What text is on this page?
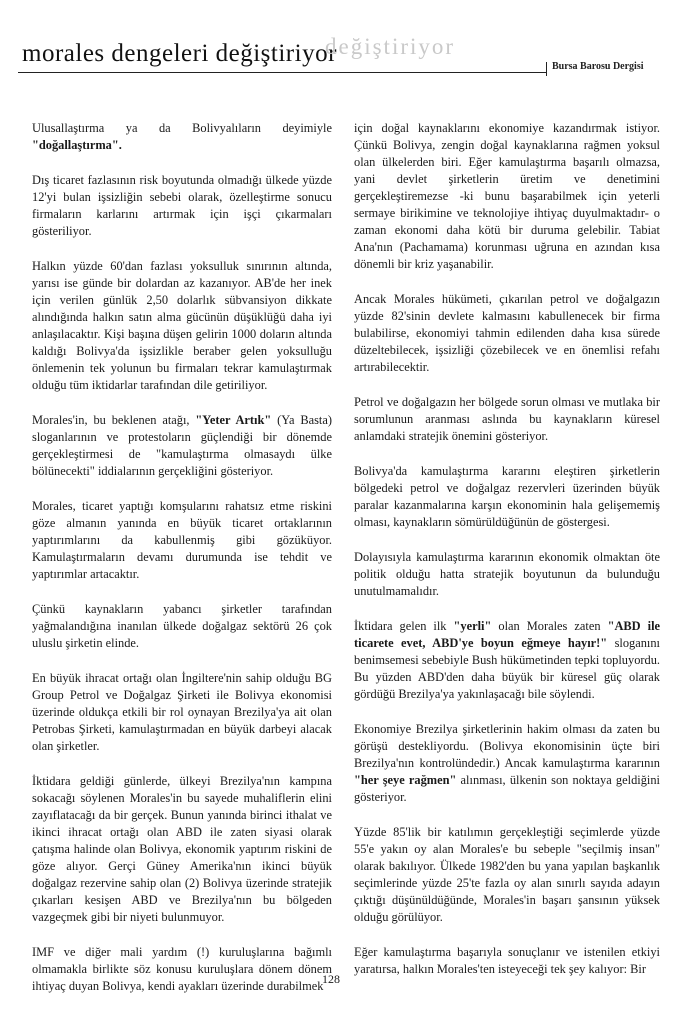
morales dengeleri değiştiriyor
değiştiriyor
Bursa Barosu Dergisi

Ulusallaştırma ya da Bolivyalıların deyimiyle "doğallaştırma".

Dış ticaret fazlasının risk boyutunda olmadığı ülkede yüzde 12'yi bulan işsizliğin sebebi olarak, özelleştirme sonucu firmaların karlarını artırmak için işçi çıkarmaları gösteriliyor.

Halkın yüzde 60'dan fazlası yoksulluk sınırının altında, yarısı ise günde bir dolardan az kazanıyor. AB'de her inek için verilen günlük 2,50 dolarlık sübvansiyon dikkate alındığında halkın satın alma gücünün düşüklüğü daha iyi anlaşılacaktır. Kişi başına düşen gelirin 1000 doların altında kaldığı Bolivya'da işsizlikle beraber gelen yoksulluğu önlemenin tek yolunun bu firmaları tekrar kamulaştırmak olduğu tüm iktidarlar tarafından dile getiriliyor.

Morales'in, bu beklenen atağı, "Yeter Artık" (Ya Basta) sloganlarının ve protestoların güçlendiği bir dönemde gerçekleştirmesi de "kamulaştırma olmasaydı ülke bölünecekti" iddialarının gerçekliğini gösteriyor.

Morales, ticaret yaptığı komşularını rahatsız etme riskini göze almanın yanında en büyük ticaret ortaklarının yaptırımlarını da kabullenmiş gibi gözüküyor. Kamulaştırmaların devamı durumunda ise tehdit ve yaptırımlar artacaktır.

Çünkü kaynakların yabancı şirketler tarafından yağmalandığına inanılan ülkede doğalgaz sektörü 26 çok uluslu şirketin elinde.

En büyük ihracat ortağı olan İngiltere'nin sahip olduğu BG Group Petrol ve Doğalgaz Şirketi ile Bolivya ekonomisi üzerinde oldukça etkili bir rol oynayan Brezilya'ya ait olan Petrobas Şirketi, kamulaştırmadan en büyük darbeyi alacak olan şirketler.

İktidara geldiği günlerde, ülkeyi Brezilya'nın kampına sokacağı söylenen Morales'in bu sayede muhaliflerin elini zayıflatacağı da bir gerçek. Bunun yanında birinci ithalat ve ikinci ihracat ortağı olan ABD ile zaten siyasi olarak çatışma halinde olan Bolivya, ekonomik yaptırım riskini de göze alıyor. Gerçi Güney Amerika'nın ikinci büyük doğalgaz rezervine sahip olan (2) Bolivya üzerinde stratejik çıkarları kesişen ABD ve Brezilya'nın bu bölgeden vazgeçmek gibi bir niyeti bulunmuyor.

IMF ve diğer mali yardım (!) kuruluşlarına bağımlı olmamakla birlikte söz konusu kuruluşlara dönem dönem ihtiyaç duyan Bolivya, kendi ayakları üzerinde durabilmek

için doğal kaynaklarını ekonomiye kazandırmak istiyor. Çünkü Bolivya, zengin doğal kaynaklarına rağmen yoksul olan ülkelerden biri. Eğer kamulaştırma başarılı olmazsa, yani devlet şirketlerin üretim ve denetimini gerçekleştiremezse -ki bunu başarabilmek için yeterli sermaye birikimine ve teknolojiye ihtiyaç duyulmaktadır- o zaman ekonomi daha kötü bir duruma gelebilir. Tabiat Ana'nın (Pachamama) korunması uğruna en azından kısa dönemli bir kriz yaşanabilir.

Ancak Morales hükümeti, çıkarılan petrol ve doğalgazın yüzde 82'sinin devlete kalmasını kabullenecek bir firma bulabilirse, ekonomiyi tahmin edilenden daha kısa sürede düzeltebilecek, işsizliği çözebilecek ve en önemlisi refahı artırabilecektir.

Petrol ve doğalgazın her bölgede sorun olması ve mutlaka bir sorumlunun aranması aslında bu kaynakların küresel anlamdaki stratejik önemini gösteriyor.

Bolivya'da kamulaştırma kararını eleştiren şirketlerin bölgedeki petrol ve doğalgaz rezervleri üzerinden büyük paralar kazanmalarına karşın ekonominin hala gelişememiş olması, kaynakların sömürüldüğünün de göstergesi.

Dolayısıyla kamulaştırma kararının ekonomik olmaktan öte politik olduğu hatta stratejik boyutunun da bulunduğu unutulmamalıdır.

İktidara gelen ilk "yerli" olan Morales zaten "ABD ile ticarete evet, ABD'ye boyun eğmeye hayır!" sloganını benimsemesi sebebiyle Bush hükümetinden tepki topluyordu. Bu yüzden ABD'den daha büyük bir küresel güç olarak gördüğü Brezilya'ya yakınlaşacağı bile söylendi.

Ekonomiye Brezilya şirketlerinin hakim olması da zaten bu görüşü destekliyordu. (Bolivya ekonomisinin üçte biri Brezilya'nın kontrolündedir.) Ancak kamulaştırma kararının "her şeye rağmen" alınması, ülkenin son noktaya geldiğini gösteriyor.

Yüzde 85'lik bir katılımın gerçekleştiği seçimlerde yüzde 55'e yakın oy alan Morales'e bu sebeple "seçilmiş insan" olarak bakılıyor. Ülkede 1982'den bu yana yapılan başkanlık seçimlerinde yüzde 25'te fazla oy alan sınırlı sayıda adayın çıktığı düşünüldüğünde, Morales'in başarı şansının yüksek olduğu görülüyor.

Eğer kamulaştırma başarıyla sonuçlanır ve istenilen etkiyi yaratırsa, halkın Morales'ten isteyeceği tek şey kalıyor: Bir

128
